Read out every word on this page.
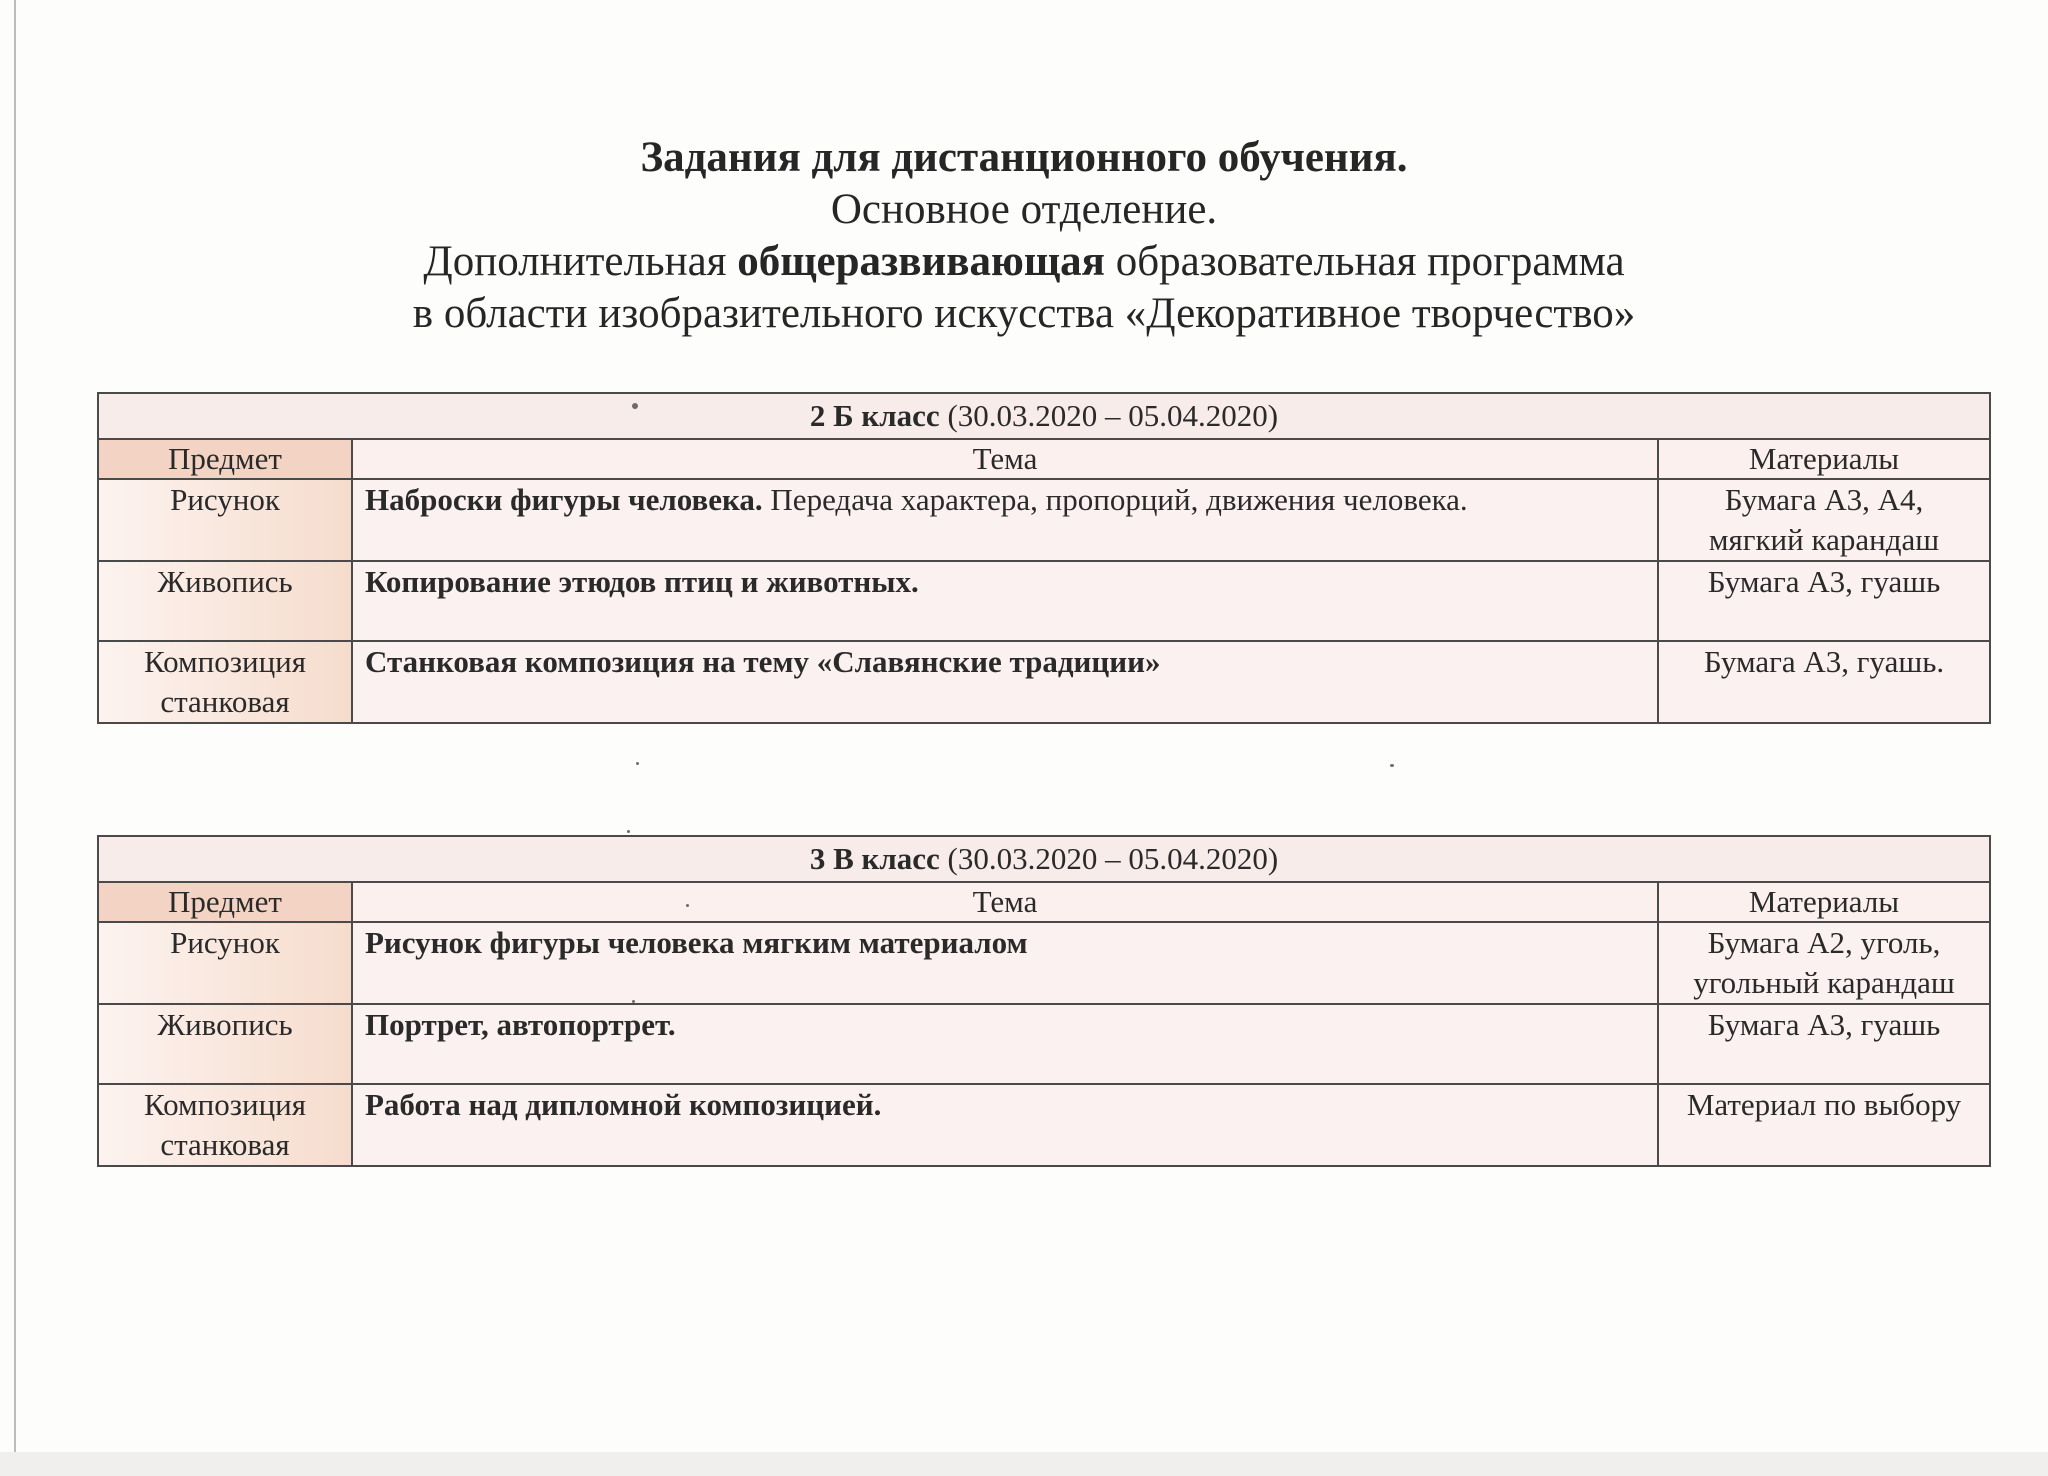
Задания для дистанционного обучения.
Основное отделение.
Дополнительная общеразвивающая образовательная программа
в области изобразительного искусства «Декоративное творчество»
2 Б класс (30.03.2020 – 05.04.2020)		
Предмет	Тема	Материалы

Рисунок	Наброски фигуры человека. Передача характера, пропорций, движения человека.	Бумага А3, А4,
мягкий карандаш

Живопись	Копирование этюдов птиц и животных.	Бумага А3, гуашь

Композиция
станковая	Станковая композиция на тему «Славянские традиции»	Бумага А3, гуашь.
3 В класс (30.03.2020 – 05.04.2020)		
Предмет	Тема	Материалы

Рисунок	Рисунок фигуры человека мягким материалом	Бумага А2, уголь,
угольный карандаш

Живопись	Портрет, автопортрет.	Бумага А3, гуашь

Композиция
станковая	Работа над дипломной композицией.	Материал по выбору
